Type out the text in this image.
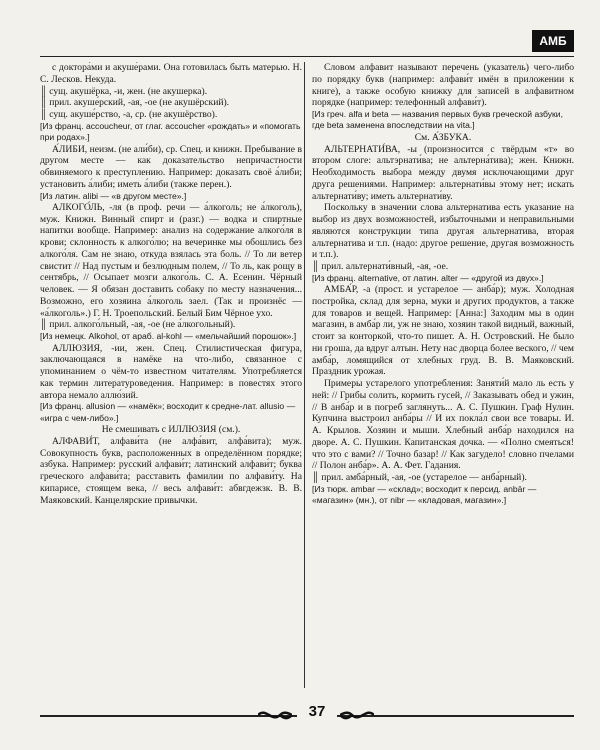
АМБ

с доктора́ми и акуше́рами. Она готовилась быть матерью. Н. С. Лесков. Некуда.

║ сущ. акушёрка, -и, жен. (не акушерка).

║ прил. акуше́рский, -ая, -ое (не акушёрский).

║ сущ. акуше́рство, -а, ср. (не акушёрство).

[Из франц. accoucheur, от глаг. accoucher «рождать» и «помогать при родах».]

А́ЛИБИ, неизм. (не али́би), ср. Спец. и книжн. Пребывание в другом месте — как доказательство непричастности обвиняемого к преступлению. Например: доказать своё а́либи; установить а́либи; иметь а́либи (также перен.).

[Из латин. alibi — «в другом месте».]

АЛКОГО́ЛЬ, -ля (в проф. речи — а́лкоголь; не а́лкоголь), муж. Книжн. Винный спирт и (разг.) — водка и спиртные напитки вообще. Например: анализ на содержание алкого́ля в крови; склонность к алкого́лю; на вечеринке мы обошлись без алкого́ля. Сам не знаю, откуда взялась эта боль. // То ли ветер свистит // Над пустым и безлюдным полем, // То ль, как рощу в сентябрь, // Осыпает мозги алкого́ль. С. А. Есенин. Чёрный человек. — Я обязан доставить собаку по месту назначения... Возможно, его хозяина а́лкоголь заел. (Так и произнёс — «а́лкоголь».) Г. Н. Троепольский. Белый Бим Чёрное ухо.

║ прил. алкого́льный, -ая, -ое (не а́лкогольный).

[Из немецк. Alkohol, от араб. al-kohl — «мельчайший порошок».]

АЛЛЮЗИЯ, -ии, жен. Спец. Стилистическая фигура, заключающаяся в намёке на что-либо, связанное с упоминанием о чём-то известном читателям. Употребляется как термин литературоведения. Например: в повестях этого автора немало аллю́зий.

[Из франц. allusion — «намёк»; восходит к средне-лат. allusio — «игра с чем-либо».]

Не смешивать с ИЛЛЮЗИЯ (см.).

АЛФАВИ́Т, алфави́та (не алфа́вит, алфа́вита); муж. Совокупность букв, расположенных в определённом порядке; азбука. Например: русский алфави́т; латинский алфави́т; буква греческого алфави́та; расставить фамилии по алфави́ту. На кипарисе, стоящем века, // весь алфави́т: абвгдежзк. В. В. Маяковский. Канцелярские привычки.

Словом алфавит называют перечень (указатель) чего-либо по порядку букв (например: алфави́т имён в приложении к книге), а также особую книжку для записей в алфавитном порядке (например: телефонный алфави́т).

[Из греч. alfa и beta — названия первых букв греческой азбуки, где beta заменена впоследствии на vita.]

См. А́ЗБУКА.

АЛЬТЕРНАТИ́ВА, -ы (произносится с твёрдым «т» во втором слоге: альтэрнати́ва; не альтерна́тива); жен. Книжн. Необходимость выбора между двумя исключающими друг друга решениями. Например: альтернати́вы этому нет; искать альтернати́ву; иметь альтернати́ву.

Поскольку в значении слова альтернатива есть указание на выбор из двух возможностей, избыточными и неправильными являются конструкции типа другая альтернатива, вторая альтернатива и т.п. (надо: другое решение, другая возможность и т.п.).

║ прил. альтернати́вный, -ая, -ое.

[Из франц. alternative, от латин. alter — «другой из двух».]

АМБА́Р, -а (прост. и устарелое — анба́р); муж. Холодная постройка, склад для зерна, муки и других продуктов, а также для товаров и вещей. Например: [Анна:] Заходим мы в один магазин, в амба́р ли, уж не знаю, хозяин такой видный, важный, стоит за конторкой, что-то пишет. А. Н. Островский. Не было ни гроша, да вдруг алтын. Нету нас дворца более веского, // чем амба́р, ломящийся от хлебных груд. В. В. Маяковский. Праздник урожая.

Примеры устарелого употребления: Заняти́й мало ль есть у ней: // Грибы солить, кормить гусей, // Заказывать обед и ужин, // В анба́р и в погреб заглянуть... А. С. Пушкин. Граф Нулин. Купчина выстроил анба́ры // И их покла́л свои все товары. И. А. Крылов. Хозяин и мыши. Хлебный анба́р находился на дворе. А. С. Пушкин. Капитанская дочка. — «Полно смеяться! что это с вами? // Точно базар! // Как загудело! словно пчелами // Полон анба́р». А. А. Фет. Гадания.

║ прил. амба́рный, -ая, -ое (устарелое — анба́рный).

[Из тюрк. ambar — «склад»; восходит к персид. anbār — «магазин» (мн.), от nibr — «кладовая, магазин».]

37
